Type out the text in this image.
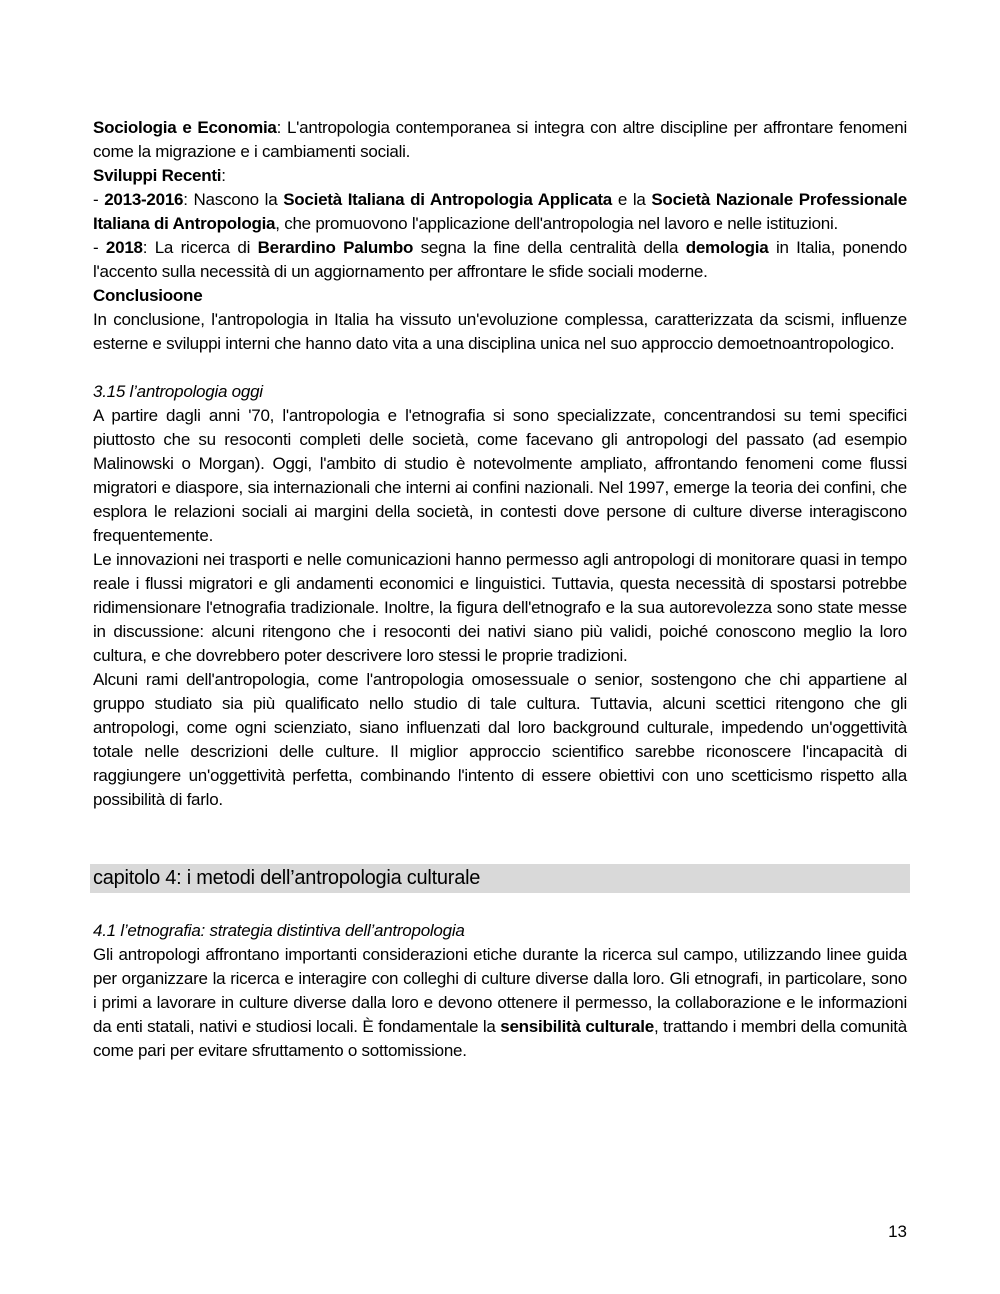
Sociologia e Economia: L'antropologia contemporanea si integra con altre discipline per affrontare fenomeni come la migrazione e i cambiamenti sociali.

Sviluppi Recenti:

- 2013-2016: Nascono la Società Italiana di Antropologia Applicata e la Società Nazionale Professionale Italiana di Antropologia, che promuovono l'applicazione dell'antropologia nel lavoro e nelle istituzioni.

- 2018: La ricerca di Berardino Palumbo segna la fine della centralità della demologia in Italia, ponendo l'accento sulla necessità di un aggiornamento per affrontare le sfide sociali moderne.

Conclusioone

In conclusione, l'antropologia in Italia ha vissuto un'evoluzione complessa, caratterizzata da scismi, influenze esterne e sviluppi interni che hanno dato vita a una disciplina unica nel suo approccio demoetnoantropologico.

3.15 l’antropologia oggi

A partire dagli anni '70, l'antropologia e l'etnografia si sono specializzate, concentrandosi su temi specifici piuttosto che su resoconti completi delle società, come facevano gli antropologi del passato (ad esempio Malinowski o Morgan). Oggi, l'ambito di studio è notevolmente ampliato, affrontando fenomeni come flussi migratori e diaspore, sia internazionali che interni ai confini nazionali. Nel 1997, emerge la teoria dei confini, che esplora le relazioni sociali ai margini della società, in contesti dove persone di culture diverse interagiscono frequentemente.

Le innovazioni nei trasporti e nelle comunicazioni hanno permesso agli antropologi di monitorare quasi in tempo reale i flussi migratori e gli andamenti economici e linguistici. Tuttavia, questa necessità di spostarsi potrebbe ridimensionare l'etnografia tradizionale. Inoltre, la figura dell'etnografo e la sua autorevolezza sono state messe in discussione: alcuni ritengono che i resoconti dei nativi siano più validi, poiché conoscono meglio la loro cultura, e che dovrebbero poter descrivere loro stessi le proprie tradizioni.

Alcuni rami dell'antropologia, come l'antropologia omosessuale o senior, sostengono che chi appartiene al gruppo studiato sia più qualificato nello studio di tale cultura. Tuttavia, alcuni scettici ritengono che gli antropologi, come ogni scienziato, siano influenzati dal loro background culturale, impedendo un'oggettività totale nelle descrizioni delle culture. Il miglior approccio scientifico sarebbe riconoscere l'incapacità di raggiungere un'oggettività perfetta, combinando l'intento di essere obiettivi con uno scetticismo rispetto alla possibilità di farlo.

capitolo 4: i metodi dell’antropologia culturale

4.1 l’etnografia: strategia distintiva dell’antropologia

Gli antropologi affrontano importanti considerazioni etiche durante la ricerca sul campo, utilizzando linee guida per organizzare la ricerca e interagire con colleghi di culture diverse dalla loro. Gli etnografi, in particolare, sono i primi a lavorare in culture diverse dalla loro e devono ottenere il permesso, la collaborazione e le informazioni da enti statali, nativi e studiosi locali. È fondamentale la sensibilità culturale, trattando i membri della comunità come pari per evitare sfruttamento o sottomissione.

13
